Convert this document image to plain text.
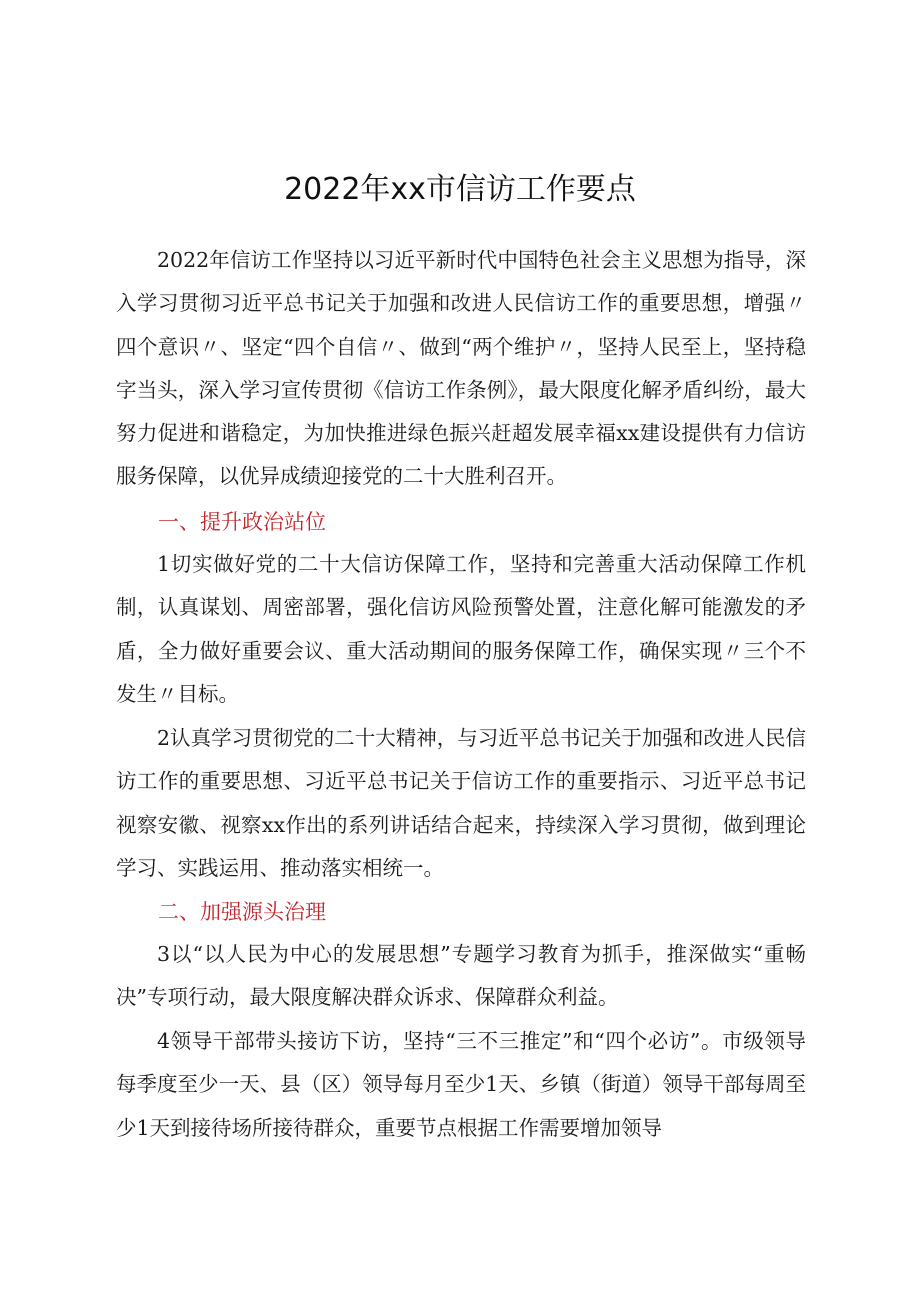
2022年xx市信访工作要点

2022年信访工作坚持以习近平新时代中国特色社会主义思想为指导，深入学习贯彻习近平总书记关于加强和改进人民信访工作的重要思想，增强〃四个意识〃、坚定“四个自信〃、做到“两个维护〃，坚持人民至上，坚持稳字当头，深入学习宣传贯彻《信访工作条例》，最大限度化解矛盾纠纷，最大努力促进和谐稳定，为加快推进绿色振兴赶超发展幸福xx建设提供有力信访服务保障，以优异成绩迎接党的二十大胜利召开。

一、提升政治站位

1切实做好党的二十大信访保障工作，坚持和完善重大活动保障工作机制，认真谋划、周密部署，强化信访风险预警处置，注意化解可能激发的矛盾，全力做好重要会议、重大活动期间的服务保障工作，确保实现〃三个不发生〃目标。

2认真学习贯彻党的二十大精神，与习近平总书记关于加强和改进人民信访工作的重要思想、习近平总书记关于信访工作的重要指示、习近平总书记视察安徽、视察xx作出的系列讲话结合起来，持续深入学习贯彻，做到理论学习、实践运用、推动落实相统一。

二、加强源头治理

3以“以人民为中心的发展思想”专题学习教育为抓手，推深做实“重畅决”专项行动，最大限度解决群众诉求、保障群众利益。

4领导干部带头接访下访，坚持“三不三推定”和“四个必访”。市级领导每季度至少一天、县（区）领导每月至少1天、乡镇（街道）领导干部每周至少1天到接待场所接待群众，重要节点根据工作需要增加领导
